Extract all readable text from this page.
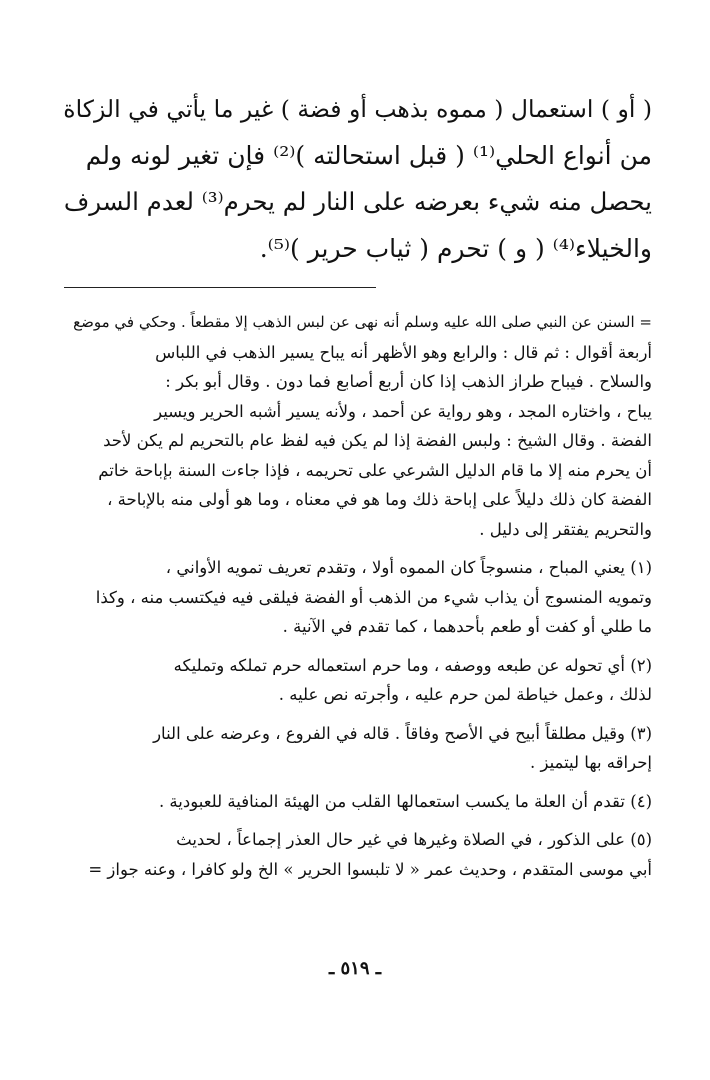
( أو ) استعمال ( مموه بذهب أو فضة ) غير ما يأتي في الزكاة
من أنواع الحلي⁽¹⁾ ( قبل استحالته )⁽²⁾ فإن تغير لونه ولم
يحصل منه شيء بعرضه على النار لم يحرم⁽³⁾ لعدم السرف
والخيلاء⁽⁴⁾ ( و ) تحرم ( ثياب حرير )⁽⁵⁾.
= السنن عن النبي صلى الله عليه وسلم أنه نهى عن لبس الذهب إلا مقطعاً . وحكي في موضع
أربعة أقوال : ثم قال : والرابع وهو الأظهر أنه يباح يسير الذهب في اللباس
والسلاح . فيباح طراز الذهب إذا كان أربع أصابع فما دون . وقال أبو بكر :
يباح ، واختاره المجد ، وهو رواية عن أحمد ، ولأنه يسير أشبه الحرير ويسير
الفضة . وقال الشيخ : ولبس الفضة إذا لم يكن فيه لفظ عام بالتحريم لم يكن لأحد
أن يحرم منه إلا ما قام الدليل الشرعي على تحريمه ، فإذا جاءت السنة بإباحة خاتم
الفضة كان ذلك دليلاً على إباحة ذلك وما هو في معناه ، وما هو أولى منه بالإباحة ،
والتحريم يفتقر إلى دليل .
(١) يعني المباح ، منسوجاً كان المموه أولا ، وتقدم تعريف تمويه الأواني ،
وتمويه المنسوج أن يذاب شيء من الذهب أو الفضة فيلقى فيه فيكتسب منه ، وكذا
ما طلي أو كفت أو طعم بأحدهما ، كما تقدم في الآنية .
(٢) أي تحوله عن طبعه ووصفه ، وما حرم استعماله حرم تملكه وتمليكه
لذلك ، وعمل خياطة لمن حرم عليه ، وأجرته نص عليه .
(٣) وقيل مطلقاً أبيح في الأصح وفاقاً . قاله في الفروع ، وعرضه على النار
إحراقه بها ليتميز .
(٤) تقدم أن العلة ما يكسب استعمالها القلب من الهيئة المنافية للعبودية .
(٥) على الذكور ، في الصلاة وغيرها في غير حال العذر إجماعاً ، لحديث
أبي موسى المتقدم ، وحديث عمر « لا تلبسوا الحرير » الخ ولو كافرا ، وعنه جواز =
ـ ٥١٩ ـ
